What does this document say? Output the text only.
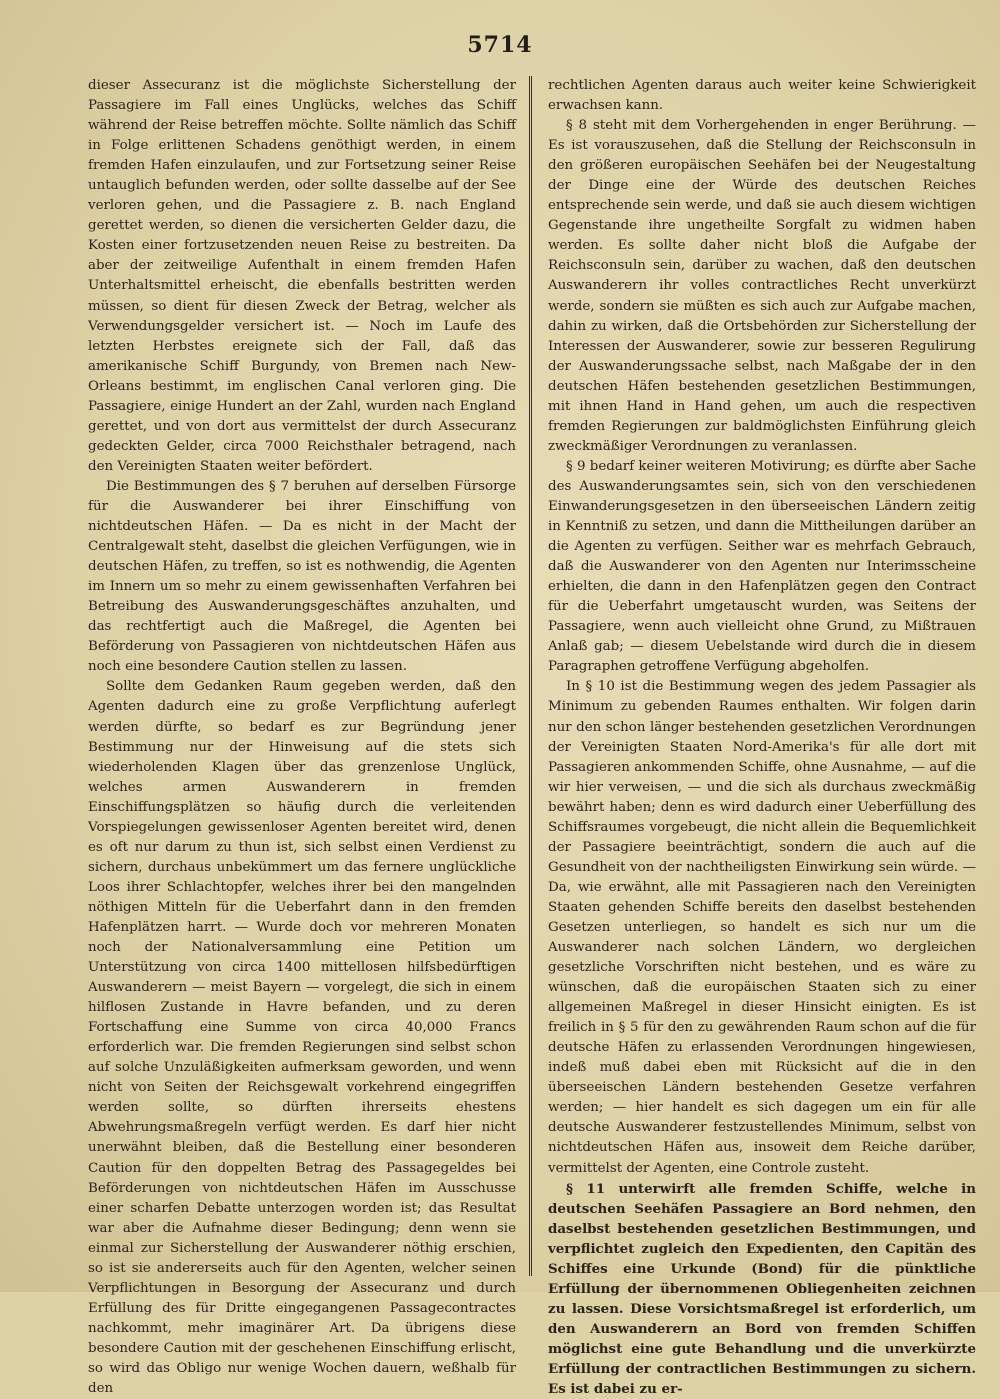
5714

dieser Assecuranz ist die möglichste Sicherstellung der Passagiere im Fall eines Unglücks, welches das Schiff während der Reise betreffen möchte. Sollte nämlich das Schiff in Folge erlittenen Schadens genöthigt werden, in einem fremden Hafen einzulaufen, und zur Fortsetzung seiner Reise untauglich befunden werden, oder sollte dasselbe auf der See verloren gehen, und die Passagiere z. B. nach England gerettet werden, so dienen die versicherten Gelder dazu, die Kosten einer fortzusetzenden neuen Reise zu bestreiten. Da aber der zeitweilige Aufenthalt in einem fremden Hafen Unterhaltsmittel erheischt, die ebenfalls bestritten werden müssen, so dient für diesen Zweck der Betrag, welcher als Verwendungsgelder versichert ist. — Noch im Laufe des letzten Herbstes ereignete sich der Fall, daß das amerikanische Schiff Burgundy, von Bremen nach New-Orleans bestimmt, im englischen Canal verloren ging. Die Passagiere, einige Hundert an der Zahl, wurden nach England gerettet, und von dort aus vermittelst der durch Assecuranz gedeckten Gelder, circa 7000 Reichsthaler betragend, nach den Vereinigten Staaten weiter befördert.

Die Bestimmungen des § 7 beruhen auf derselben Fürsorge für die Auswanderer bei ihrer Einschiffung von nichtdeutschen Häfen. — Da es nicht in der Macht der Centralgewalt steht, daselbst die gleichen Verfügungen, wie in deutschen Häfen, zu treffen, so ist es nothwendig, die Agenten im Innern um so mehr zu einem gewissenhaften Verfahren bei Betreibung des Auswanderungsgeschäftes anzuhalten, und das rechtfertigt auch die Maßregel, die Agenten bei Beförderung von Passagieren von nichtdeutschen Häfen aus noch eine besondere Caution stellen zu lassen.

Sollte dem Gedanken Raum gegeben werden, daß den Agenten dadurch eine zu große Verpflichtung auferlegt werden dürfte, so bedarf es zur Begründung jener Bestimmung nur der Hinweisung auf die stets sich wiederholenden Klagen über das grenzenlose Unglück, welches armen Auswanderern in fremden Einschiffungsplätzen so häufig durch die verleitenden Vorspiegelungen gewissenloser Agenten bereitet wird, denen es oft nur darum zu thun ist, sich selbst einen Verdienst zu sichern, durchaus unbekümmert um das fernere unglückliche Loos ihrer Schlachtopfer, welches ihrer bei den mangelnden nöthigen Mitteln für die Ueberfahrt dann in den fremden Hafenplätzen harrt. — Wurde doch vor mehreren Monaten noch der Nationalversammlung eine Petition um Unterstützung von circa 1400 mittellosen hilfsbedürftigen Auswanderern — meist Bayern — vorgelegt, die sich in einem hilflosen Zustande in Havre befanden, und zu deren Fortschaffung eine Summe von circa 40,000 Francs erforderlich war. Die fremden Regierungen sind selbst schon auf solche Unzuläßigkeiten aufmerksam geworden, und wenn nicht von Seiten der Reichsgewalt vorkehrend eingegriffen werden sollte, so dürften ihrerseits ehestens Abwehrungsmaßregeln verfügt werden. Es darf hier nicht unerwähnt bleiben, daß die Bestellung einer besonderen Caution für den doppelten Betrag des Passagegeldes bei Beförderungen von nichtdeutschen Häfen im Ausschusse einer scharfen Debatte unterzogen worden ist; das Resultat war aber die Aufnahme dieser Bedingung; denn wenn sie einmal zur Sicherstellung der Auswanderer nöthig erschien, so ist sie andererseits auch für den Agenten, welcher seinen Verpflichtungen in Besorgung der Assecuranz und durch Erfüllung des für Dritte eingegangenen Passagecontractes nachkommt, mehr imaginärer Art. Da übrigens diese besondere Caution mit der geschehenen Einschiffung erlischt, so wird das Obligo nur wenige Wochen dauern, weßhalb für den

rechtlichen Agenten daraus auch weiter keine Schwierigkeit erwachsen kann.

§ 8 steht mit dem Vorhergehenden in enger Berührung. — Es ist vorauszusehen, daß die Stellung der Reichsconsuln in den größeren europäischen Seehäfen bei der Neugestaltung der Dinge eine der Würde des deutschen Reiches entsprechende sein werde, und daß sie auch diesem wichtigen Gegenstande ihre ungetheilte Sorgfalt zu widmen haben werden. Es sollte daher nicht bloß die Aufgabe der Reichsconsuln sein, darüber zu wachen, daß den deutschen Auswanderern ihr volles contractliches Recht unverkürzt werde, sondern sie müßten es sich auch zur Aufgabe machen, dahin zu wirken, daß die Ortsbehörden zur Sicherstellung der Interessen der Auswanderer, sowie zur besseren Regulirung der Auswanderungssache selbst, nach Maßgabe der in den deutschen Häfen bestehenden gesetzlichen Bestimmungen, mit ihnen Hand in Hand gehen, um auch die respectiven fremden Regierungen zur baldmöglichsten Einführung gleich zweckmäßiger Verordnungen zu veranlassen.

§ 9 bedarf keiner weiteren Motivirung; es dürfte aber Sache des Auswanderungsamtes sein, sich von den verschiedenen Einwanderungsgesetzen in den überseeischen Ländern zeitig in Kenntniß zu setzen, und dann die Mittheilungen darüber an die Agenten zu verfügen. Seither war es mehrfach Gebrauch, daß die Auswanderer von den Agenten nur Interimsscheine erhielten, die dann in den Hafenplätzen gegen den Contract für die Ueberfahrt umgetauscht wurden, was Seitens der Passagiere, wenn auch vielleicht ohne Grund, zu Mißtrauen Anlaß gab; — diesem Uebelstande wird durch die in diesem Paragraphen getroffene Verfügung abgeholfen.

In § 10 ist die Bestimmung wegen des jedem Passagier als Minimum zu gebenden Raumes enthalten. Wir folgen darin nur den schon länger bestehenden gesetzlichen Verordnungen der Vereinigten Staaten Nord-Amerika's für alle dort mit Passagieren ankommenden Schiffe, ohne Ausnahme, — auf die wir hier verweisen, — und die sich als durchaus zweckmäßig bewährt haben; denn es wird dadurch einer Ueberfüllung des Schiffsraumes vorgebeugt, die nicht allein die Bequemlichkeit der Passagiere beeinträchtigt, sondern die auch auf die Gesundheit von der nachtheiligsten Einwirkung sein würde. — Da, wie erwähnt, alle mit Passagieren nach den Vereinigten Staaten gehenden Schiffe bereits den daselbst bestehenden Gesetzen unterliegen, so handelt es sich nur um die Auswanderer nach solchen Ländern, wo dergleichen gesetzliche Vorschriften nicht bestehen, und es wäre zu wünschen, daß die europäischen Staaten sich zu einer allgemeinen Maßregel in dieser Hinsicht einigten. Es ist freilich in § 5 für den zu gewährenden Raum schon auf die für deutsche Häfen zu erlassenden Verordnungen hingewiesen, indeß muß dabei eben mit Rücksicht auf die in den überseeischen Ländern bestehenden Gesetze verfahren werden; — hier handelt es sich dagegen um ein für alle deutsche Auswanderer festzustellendes Minimum, selbst von nichtdeutschen Häfen aus, insoweit dem Reiche darüber, vermittelst der Agenten, eine Controle zusteht.

§ 11 unterwirft alle fremden Schiffe, welche in deutschen Seehäfen Passagiere an Bord nehmen, den daselbst bestehenden gesetzlichen Bestimmungen, und verpflichtet zugleich den Expedienten, den Capitän des Schiffes eine Urkunde (Bond) für die pünktliche Erfüllung der übernommenen Obliegenheiten zeichnen zu lassen. Diese Vorsichtsmaßregel ist erforderlich, um den Auswanderern an Bord von fremden Schiffen möglichst eine gute Behandlung und die unverkürzte Erfüllung der contractlichen Bestimmungen zu sichern. Es ist dabei zu er-
